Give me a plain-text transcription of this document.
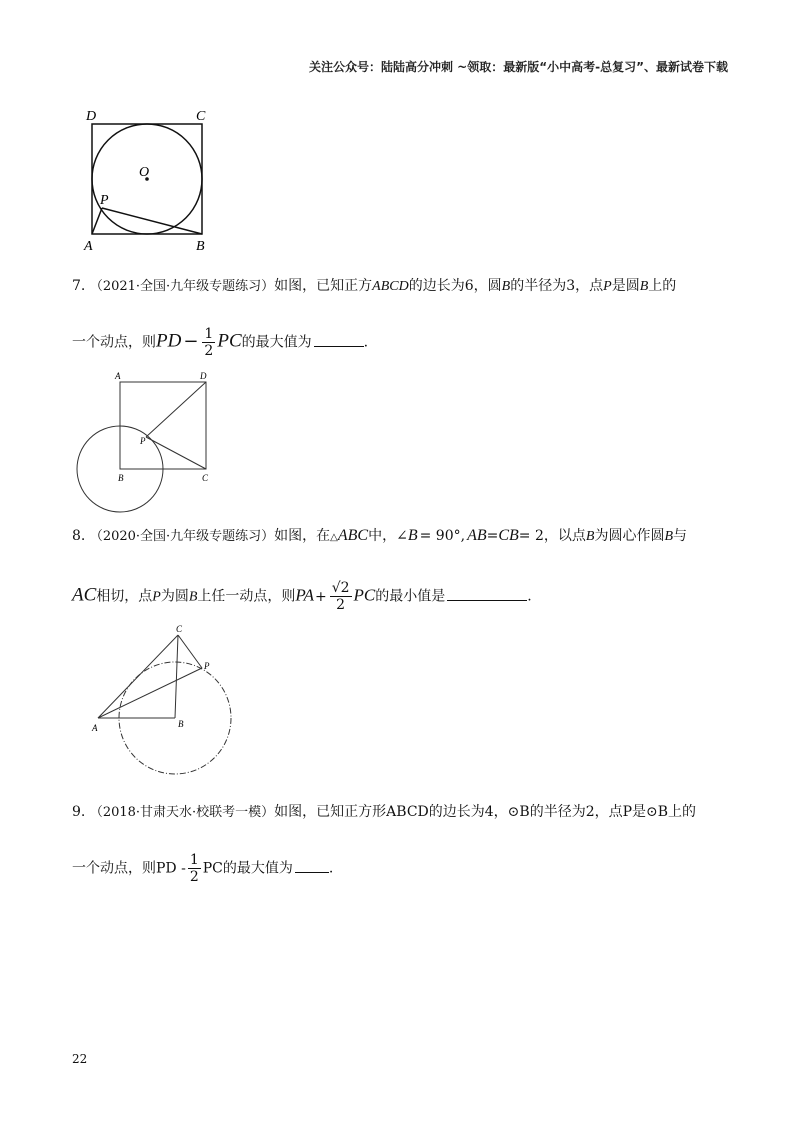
关注公众号：陆陆高分冲刺 ~领取：最新版“小中高考-总复习”、最新试卷下载
D	C
O
P
A	B
7. （2021·全国·九年级专题练习）如图，已知正方ABCD的边长为6，圆B的半径为3，点P是圆B上的
一个动点，则PD − $\frac{1}{2}$ PC的最大值为	.
A	D
P
B	C
8. （2020·全国·九年级专题练习）如图，在△ABC中，∠B = 90°, AB=CB= 2，以点B为圆心作圆B与
AC相切，点P为圆B上任一动点，则$PA+ \frac{√2}{2}$ PC的最小值是	.
C
P
A	B
9. （2018·甘肃天水·校联考一模）如图，已知正方形ABCD的边长为4，⊙B的半径为2，点P是⊙B上的
一个动点，则PD - $\frac{1}{2}$ PC的最大值为	.
22
